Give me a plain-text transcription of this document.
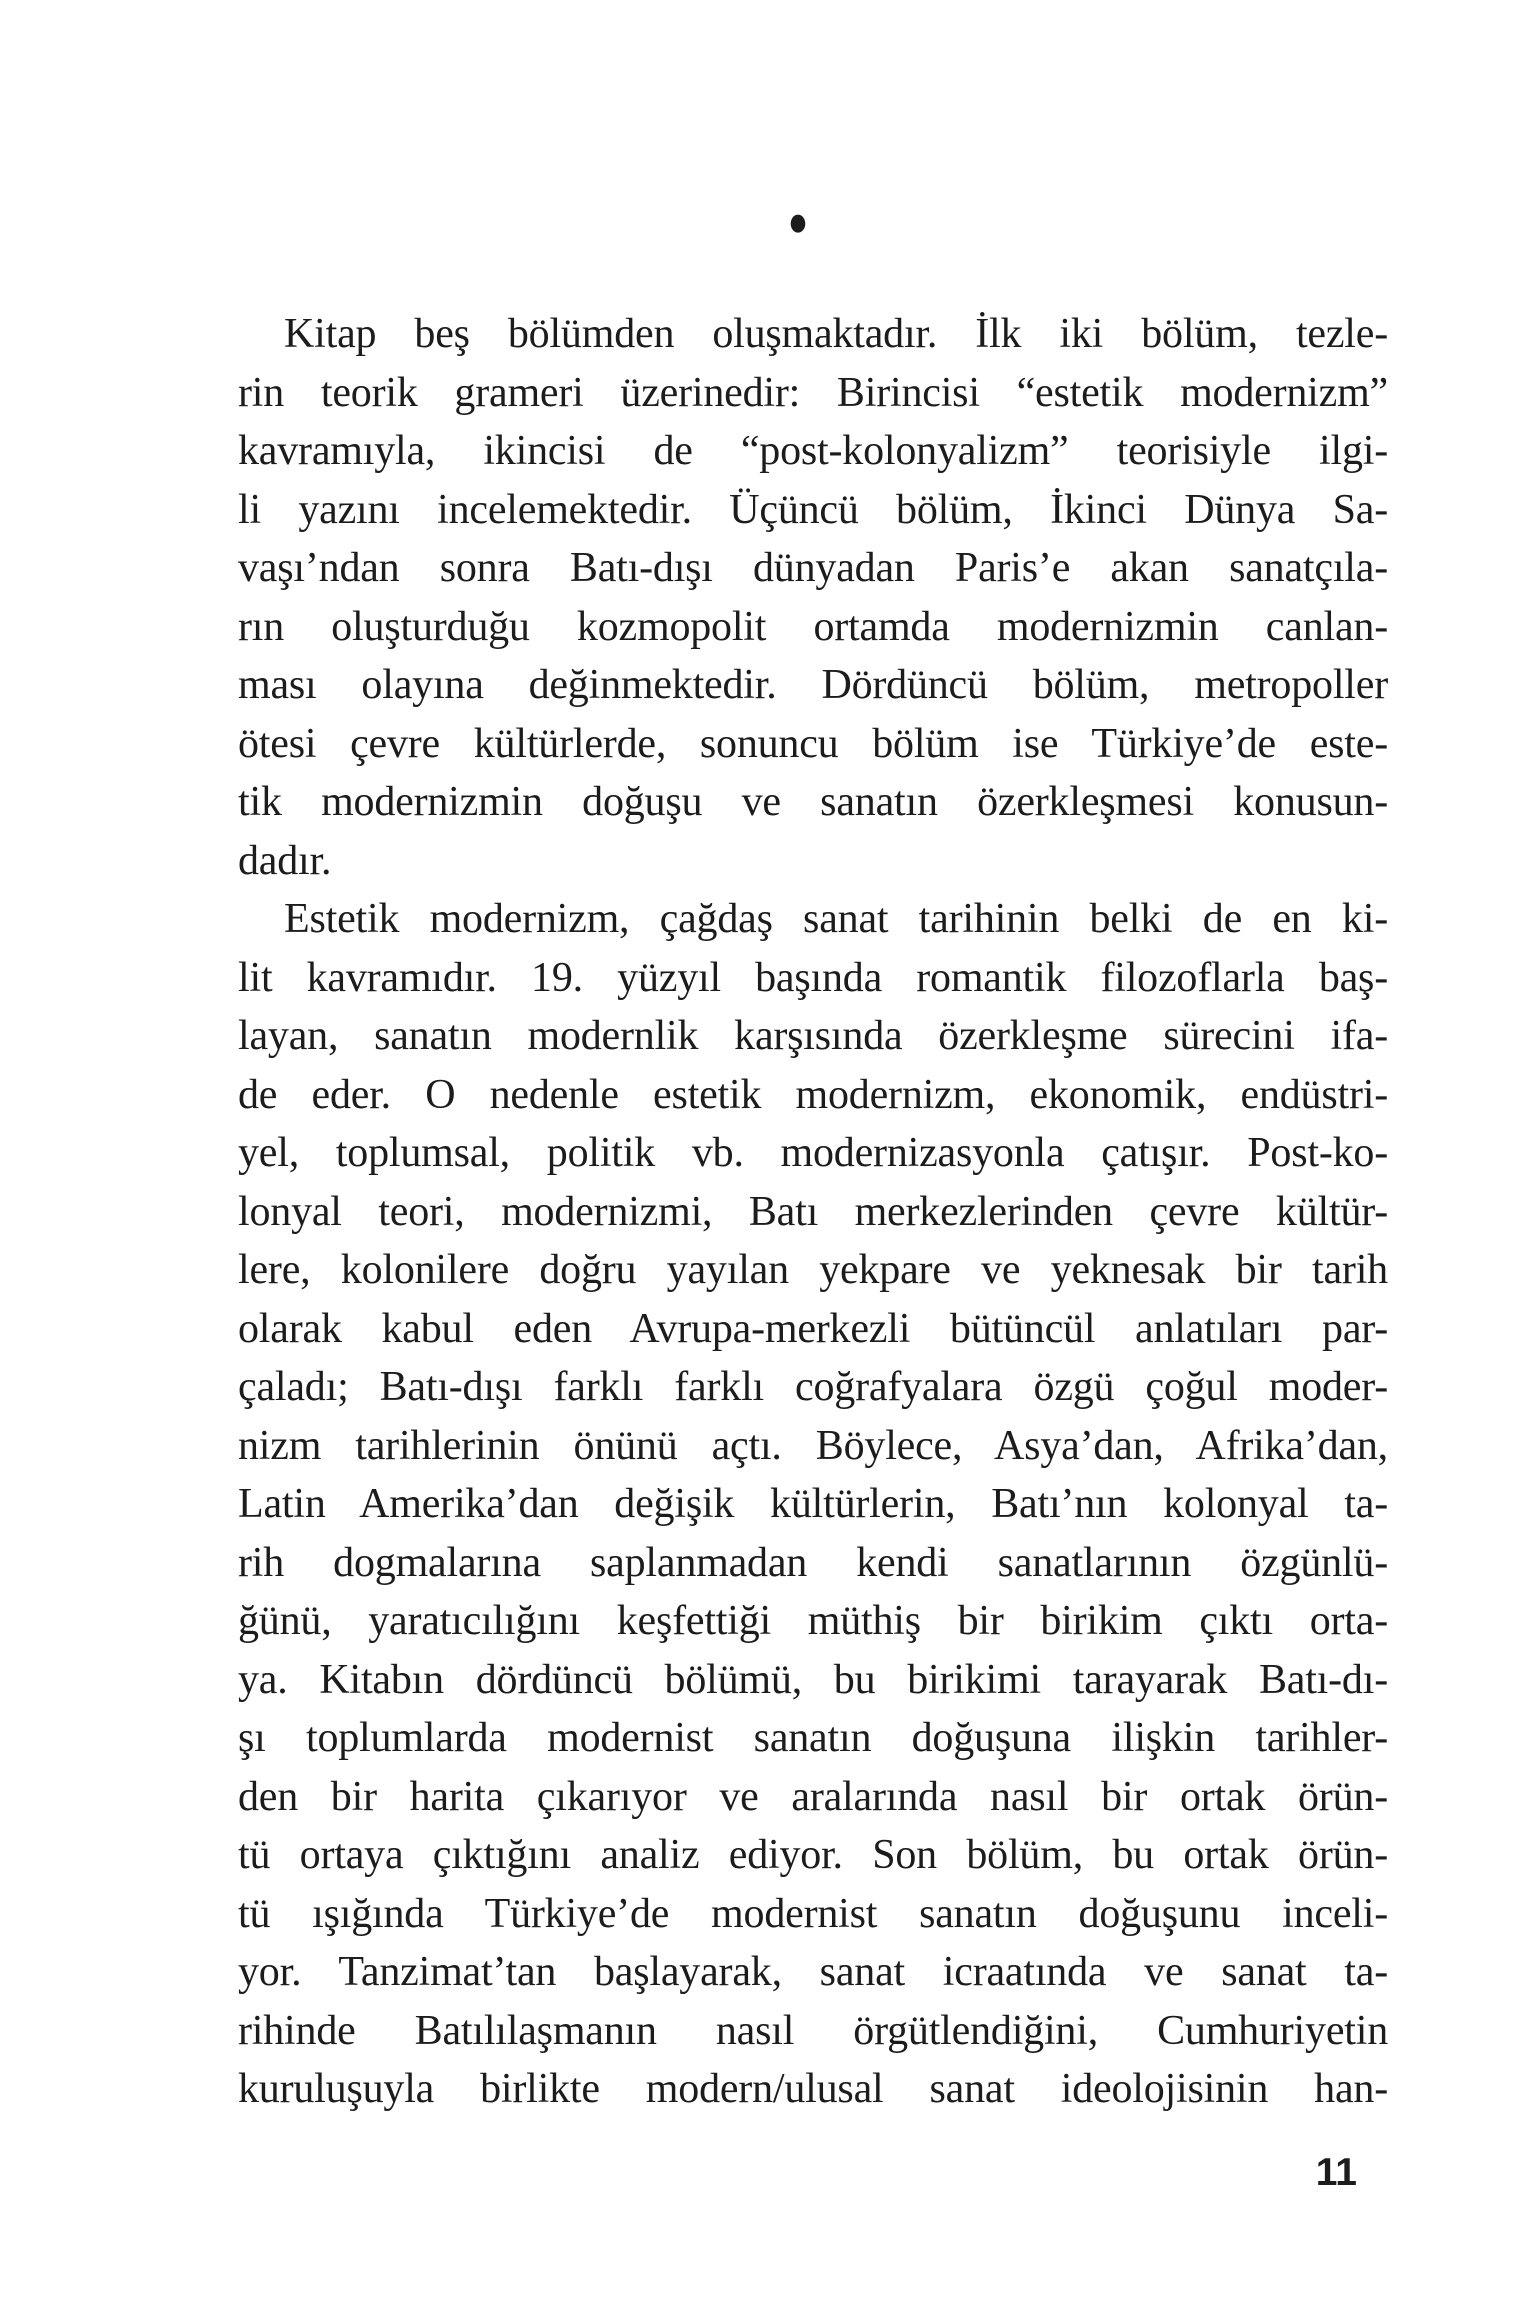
●
Kitap beş bölümden oluşmaktadır. İlk iki bölüm, tezle-
rin teorik grameri üzerinedir: Birincisi “estetik modernizm”
kavramıyla, ikincisi de “post-kolonyalizm” teorisiyle ilgi-
li yazını incelemektedir. Üçüncü bölüm, İkinci Dünya Sa-
vaşı’ndan sonra Batı-dışı dünyadan Paris’e akan sanatçıla-
rın oluşturduğu kozmopolit ortamda modernizmin canlan-
ması olayına değinmektedir. Dördüncü bölüm, metropoller
ötesi çevre kültürlerde, sonuncu bölüm ise Türkiye’de este-
tik modernizmin doğuşu ve sanatın özerkleşmesi konusun-
dadır.
Estetik modernizm, çağdaş sanat tarihinin belki de en ki-
lit kavramıdır. 19. yüzyıl başında romantik filozoflarla baş-
layan, sanatın modernlik karşısında özerkleşme sürecini ifa-
de eder. O nedenle estetik modernizm, ekonomik, endüstri-
yel, toplumsal, politik vb. modernizasyonla çatışır. Post-ko-
lonyal teori, modernizmi, Batı merkezlerinden çevre kültür-
lere, kolonilere doğru yayılan yekpare ve yeknesak bir tarih
olarak kabul eden Avrupa-merkezli bütüncül anlatıları par-
çaladı; Batı-dışı farklı farklı coğrafyalara özgü çoğul moder-
nizm tarihlerinin önünü açtı. Böylece, Asya’dan, Afrika’dan,
Latin Amerika’dan değişik kültürlerin, Batı’nın kolonyal ta-
rih dogmalarına saplanmadan kendi sanatlarının özgünlü-
ğünü, yaratıcılığını keşfettiği müthiş bir birikim çıktı orta-
ya. Kitabın dördüncü bölümü, bu birikimi tarayarak Batı-dı-
şı toplumlarda modernist sanatın doğuşuna ilişkin tarihler-
den bir harita çıkarıyor ve aralarında nasıl bir ortak örün-
tü ortaya çıktığını analiz ediyor. Son bölüm, bu ortak örün-
tü ışığında Türkiye’de modernist sanatın doğuşunu inceli-
yor. Tanzimat’tan başlayarak, sanat icraatında ve sanat ta-
rihinde Batılılaşmanın nasıl örgütlendiğini, Cumhuriyetin
kuruluşuyla birlikte modern/ulusal sanat ideolojisinin han-
11
